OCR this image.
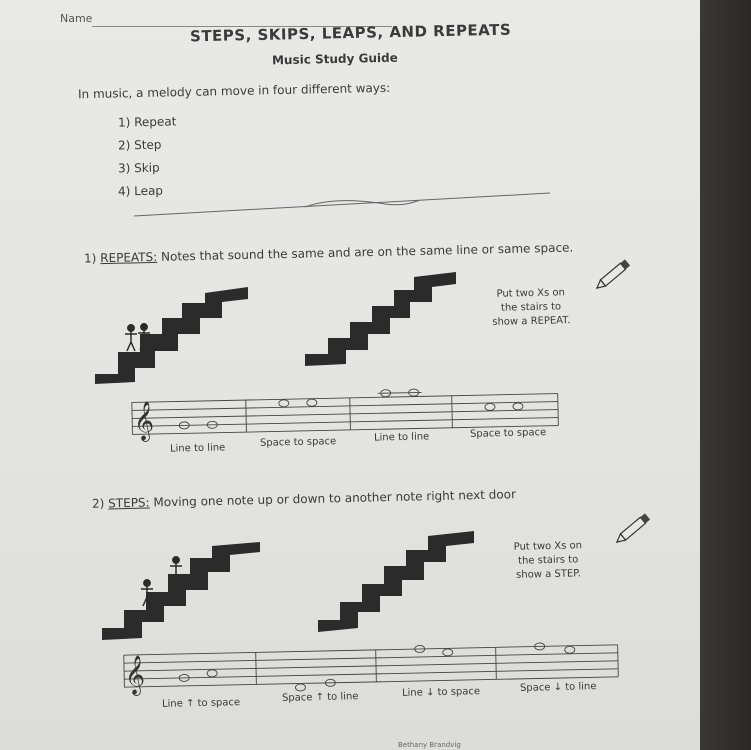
Name
STEPS, SKIPS, LEAPS, AND REPEATS
Music Study Guide
In music, a melody can move in four different ways:
1) Repeat
2) Step
3) Skip
4) Leap
1) REPEATS: Notes that sound the same and are on the same line or same space.
2) STEPS: Moving one note up or down to another note right next door
Put two Xs on
the stairs to
show a REPEAT.
Put two Xs on
the stairs to
show a STEP.
Line to line	Space to space	Line to line	Space to space
Line ↑ to space	Space ↑ to line	Line ↓ to space	Space ↓ to line
Bethany Brandvig
𝄞
𝄞
